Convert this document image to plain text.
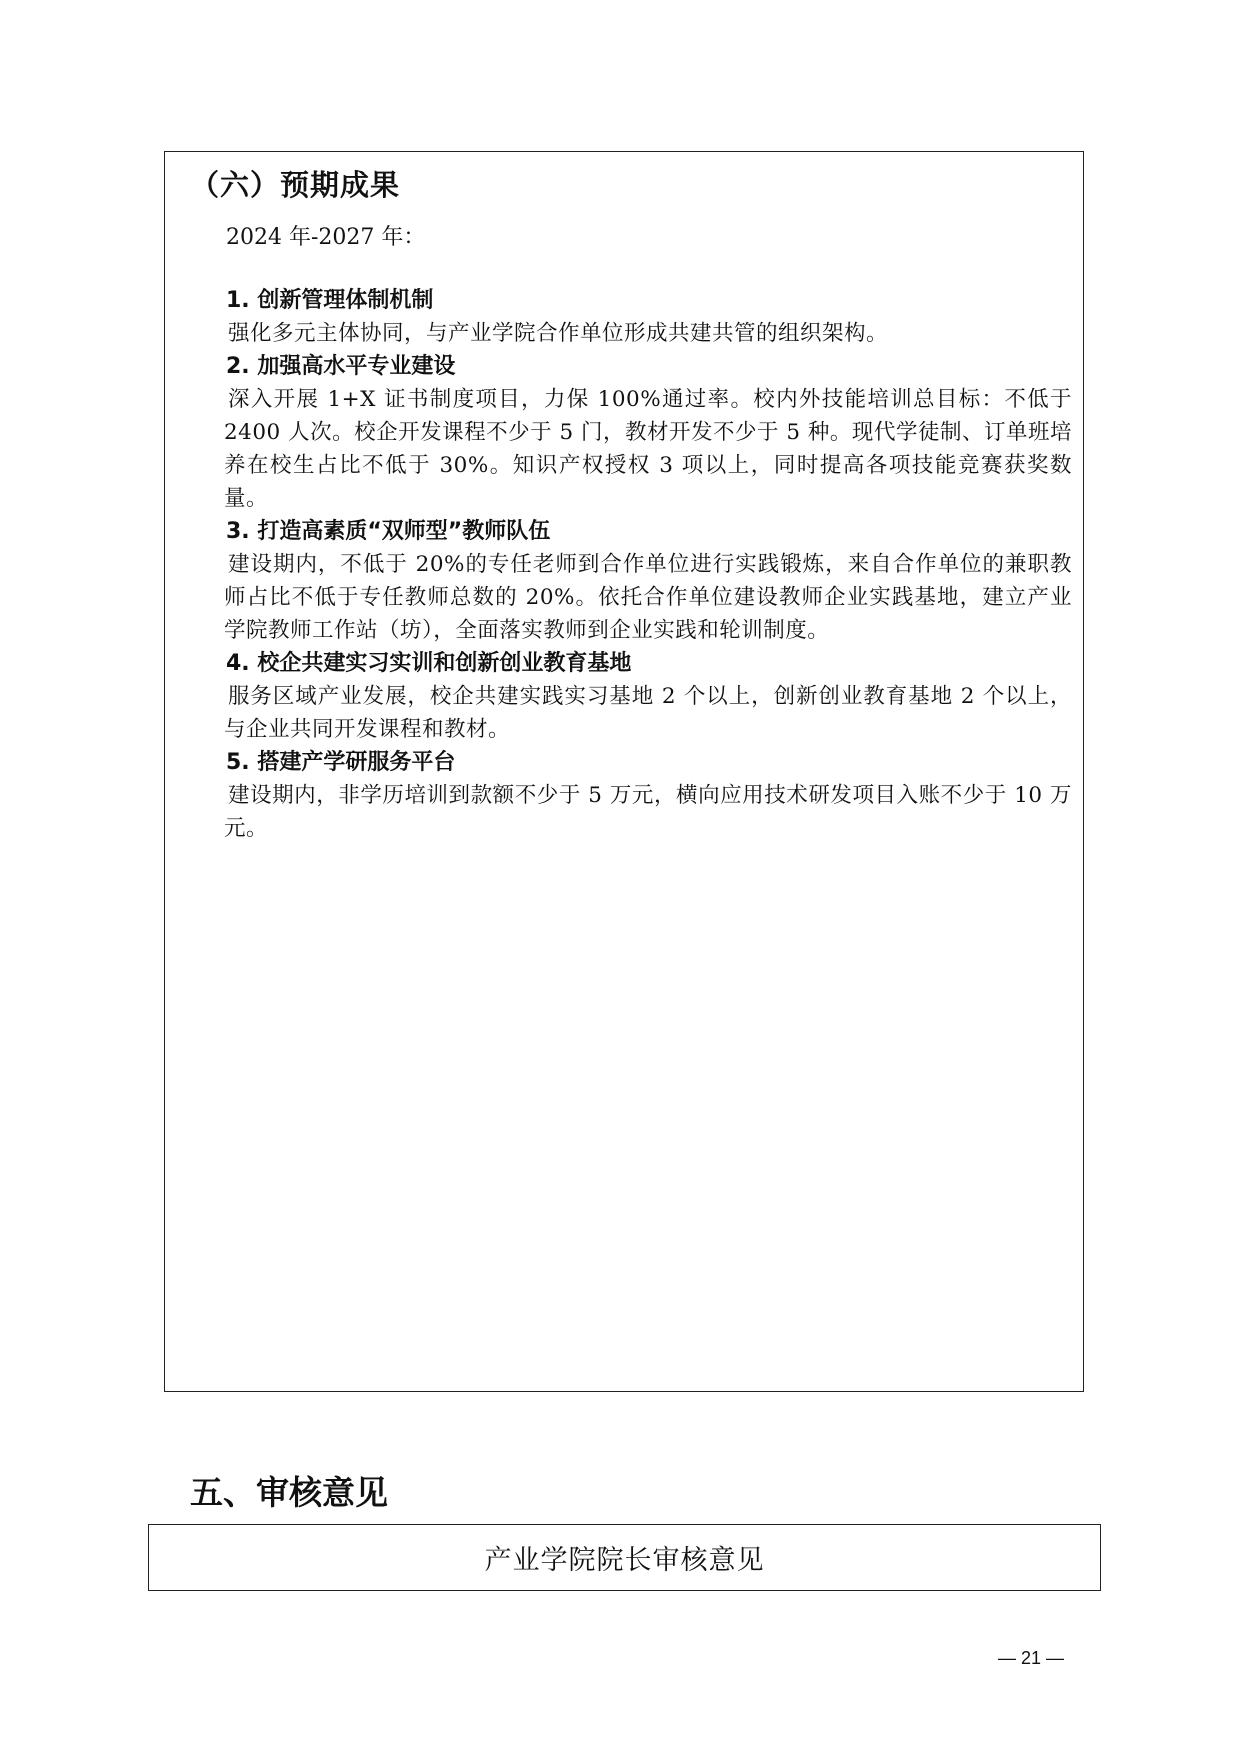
（六）预期成果
2024 年-2027 年：

1. 创新管理体制机制

强化多元主体协同，与产业学院合作单位形成共建共管的组织架构。

2. 加强高水平专业建设

深入开展 1+X 证书制度项目，力保 100%通过率。校内外技能培训总目标：不低于 2400 人次。校企开发课程不少于 5 门，教材开发不少于 5 种。现代学徒制、订单班培养在校生占比不低于 30%。知识产权授权 3 项以上，同时提高各项技能竞赛获奖数量。

3. 打造高素质“双师型”教师队伍

建设期内，不低于 20%的专任老师到合作单位进行实践锻炼，来自合作单位的兼职教师占比不低于专任教师总数的 20%。依托合作单位建设教师企业实践基地，建立产业学院教师工作站（坊），全面落实教师到企业实践和轮训制度。

4. 校企共建实习实训和创新创业教育基地

服务区域产业发展，校企共建实践实习基地 2 个以上，创新创业教育基地 2 个以上，与企业共同开发课程和教材。

5. 搭建产学研服务平台

建设期内，非学历培训到款额不少于 5 万元，横向应用技术研发项目入账不少于 10 万元。

五、审核意见
产业学院院长审核意见
— 21 —
